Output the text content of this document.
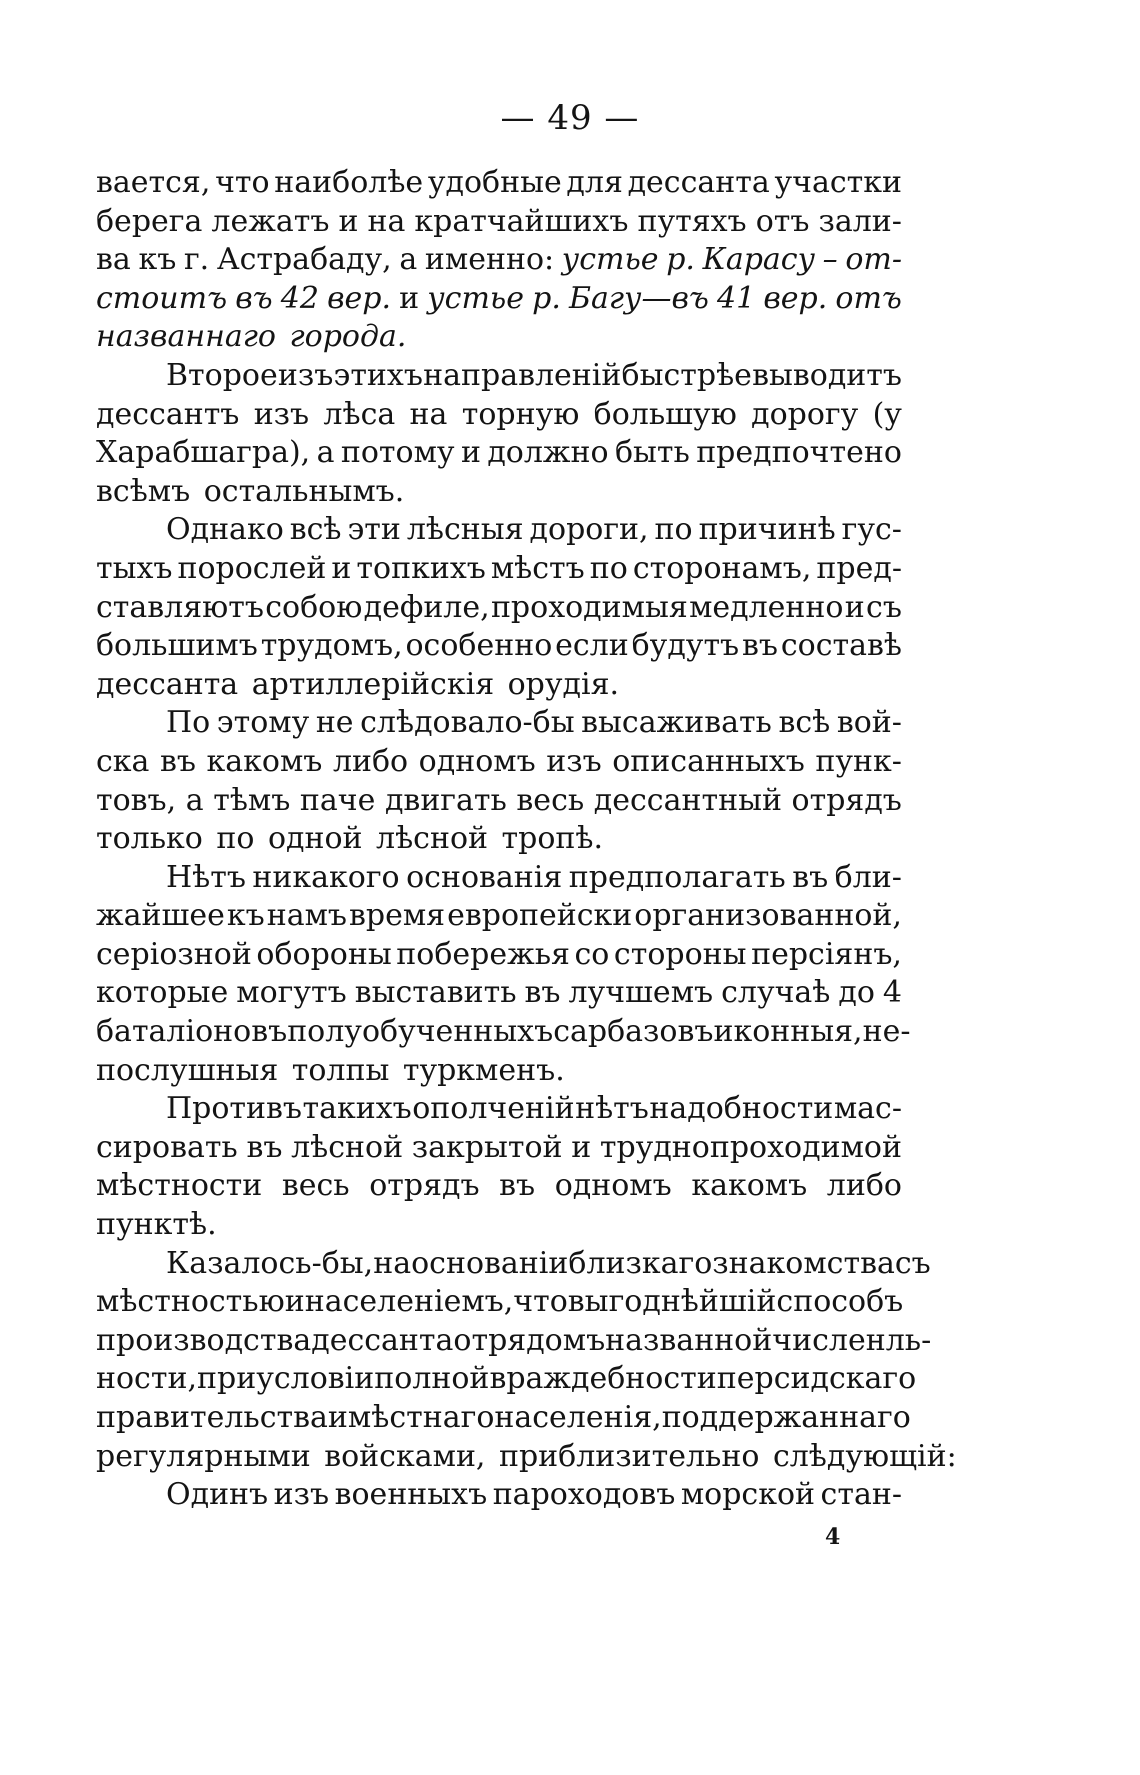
— 49 —
вается, что наиболѣе удобные для дессанта участки
берега лежатъ и на кратчайшихъ путяхъ отъ зали-
ва къ г. Астрабаду, а именно: устье р. Карасу – от-
стоитъ въ 42 вер. и устье р. Багу—въ 41 вер. отъ
названнаго города.
Второе изъ этихъ направленій быстрѣе выводитъ
дессантъ изъ лѣса на торную большую дорогу (у
Харабшагра), а потому и должно быть предпочтено
всѣмъ остальнымъ.
Однако всѣ эти лѣсныя дороги, по причинѣ гус-
тыхъ порослей и топкихъ мѣстъ по сторонамъ, пред-
ставляютъ собою дефиле, проходимыя медленно и съ
большимъ трудомъ, особенно если будутъ въ составѣ
дессанта артиллерійскія орудія.
По этому не слѣдовало-бы высаживать всѣ вой-
ска въ какомъ либо одномъ изъ описанныхъ пунк-
товъ, а тѣмъ паче двигать весь дессантный отрядъ
только по одной лѣсной тропѣ.
Нѣтъ никакого основанія предполагать въ бли-
жайшее къ намъ время европейски организованной,
серіозной обороны побережья со стороны персіянъ,
которые могутъ выставить въ лучшемъ случаѣ до 4
баталіоновъ полуобученныхъ сарбазовъ и конныя, не-
послушныя толпы туркменъ.
Противъ такихъ ополченій нѣтъ надобности мас-
сировать въ лѣсной закрытой и труднопроходимой
мѣстности весь отрядъ въ одномъ какомъ либо
пунктѣ.
Казалось-бы, на основаніи близкаго знакомства съ
мѣстностью и населеніемъ, что выгоднѣйшій способъ
производства дессанта отрядомъ названной численль-
ности, при условіи полной враждебности персидскаго
правительства и мѣстнаго населенія, поддержаннаго
регулярными войсками, приблизительно слѣдующій:
Одинъ изъ военныхъ пароходовъ морской стан-
4
